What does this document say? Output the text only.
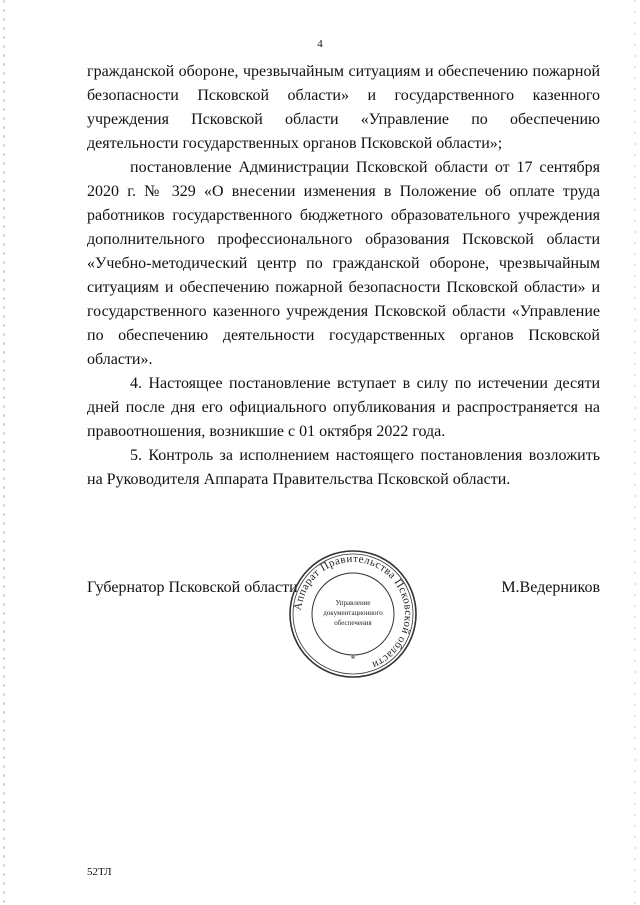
4

гражданской обороне, чрезвычайным ситуациям и обеспечению пожарной безопасности Псковской области» и государственного казенного учреждения Псковской области «Управление по обеспечению деятельности государственных органов Псковской области»;

постановление Администрации Псковской области от 17 сентября 2020 г. № 329 «О внесении изменения в Положение об оплате труда работников государственного бюджетного образовательного учреждения дополнительного профессионального образования Псковской области «Учебно-методический центр по гражданской обороне, чрезвычайным ситуациям и обеспечению пожарной безопасности Псковской области» и государственного казенного учреждения Псковской области «Управление по обеспечению деятельности государственных органов Псковской области».

4. Настоящее постановление вступает в силу по истечении десяти дней после дня его официального опубликования и распространяется на правоотношения, возникшие с 01 октября 2022 года.

5. Контроль за исполнением настоящего постановления возложить на Руководителя Аппарата Правительства Псковской области.

Губернатор Псковской области	М.Ведерников
Аппарат Правительства Псковской области
Управление
документационного
обеспечения
*
52ТЛ
